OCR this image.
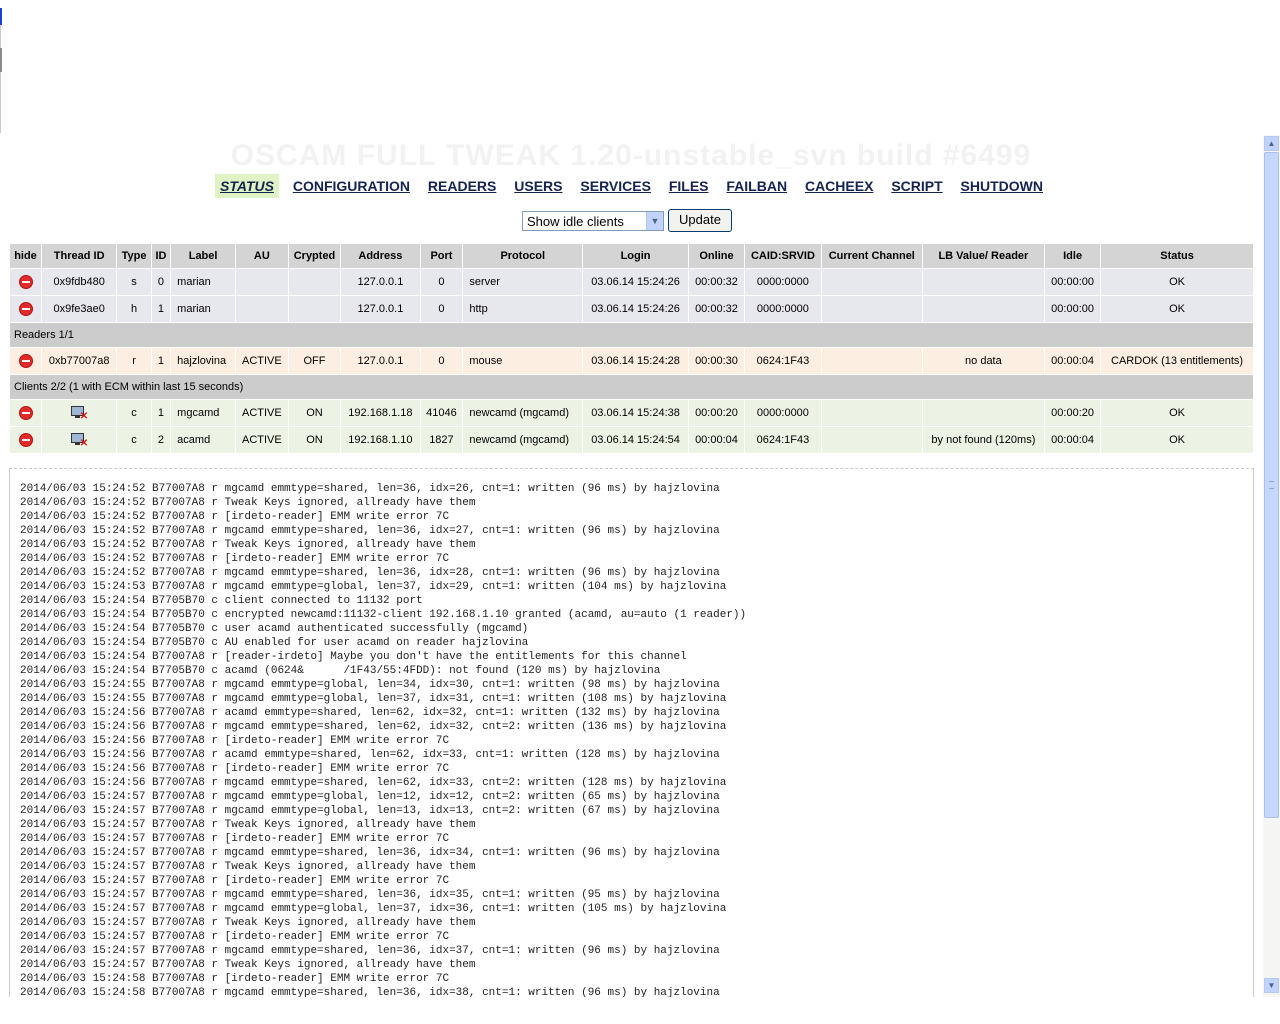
OSCAM FULL TWEAK 1.20-unstable_svn build #6499
STATUS CONFIGURATION READERS USERS SERVICES FILES FAILBAN CACHEEX SCRIPT SHUTDOWN
Show idle clients	▼ Update
hide	Thread ID	Type	ID	Label	AU	Crypted	Address	Port	Protocol	Login	Online	CAID:SRVID	Current Channel	LB Value/ Reader	Idle	Status
	0x9fdb480	s	0	marian			127.0.0.1	0	server	03.06.14 15:24:26	00:00:32	0000:0000			00:00:00	OK
	0x9fe3ae0	h	1	marian			127.0.0.1	0	http	03.06.14 15:24:26	00:00:32	0000:0000			00:00:00	OK
Readers 1/1																
	0xb77007a8	r	1	hajzlovina	ACTIVE	OFF	127.0.0.1	0	mouse	03.06.14 15:24:28	00:00:30	0624:1F43		no data	00:00:04	CARDOK (13 entitlements)
Clients 2/2 (1 with ECM within last 15 seconds)																

	✕	c	1	mgcamd	ACTIVE	ON	192.168.1.18	41046	newcamd (mgcamd)	03.06.14 15:24:38	00:00:20	0000:0000			00:00:20	OK

	✕	c	2	acamd	ACTIVE	ON	192.168.1.10	1827	newcamd (mgcamd)	03.06.14 15:24:54	00:00:04	0624:1F43		by not found (120ms)	00:00:04	OK
2014/06/03 15:24:52 B77007A8 r mgcamd emmtype=shared, len=36, idx=26, cnt=1: written (96 ms) by hajzlovina
2014/06/03 15:24:52 B77007A8 r Tweak Keys ignored, allready have them
2014/06/03 15:24:52 B77007A8 r [irdeto-reader] EMM write error 7C
2014/06/03 15:24:52 B77007A8 r mgcamd emmtype=shared, len=36, idx=27, cnt=1: written (96 ms) by hajzlovina
2014/06/03 15:24:52 B77007A8 r Tweak Keys ignored, allready have them
2014/06/03 15:24:52 B77007A8 r [irdeto-reader] EMM write error 7C
2014/06/03 15:24:52 B77007A8 r mgcamd emmtype=shared, len=36, idx=28, cnt=1: written (96 ms) by hajzlovina
2014/06/03 15:24:53 B77007A8 r mgcamd emmtype=global, len=37, idx=29, cnt=1: written (104 ms) by hajzlovina
2014/06/03 15:24:54 B7705B70 c client connected to 11132 port
2014/06/03 15:24:54 B7705B70 c encrypted newcamd:11132-client 192.168.1.10 granted (acamd, au=auto (1 reader))
2014/06/03 15:24:54 B7705B70 c user acamd authenticated successfully (mgcamd)
2014/06/03 15:24:54 B7705B70 c AU enabled for user acamd on reader hajzlovina
2014/06/03 15:24:54 B77007A8 r [reader-irdeto] Maybe you don't have the entitlements for this channel
2014/06/03 15:24:54 B7705B70 c acamd (0624&      /1F43/55:4FDD): not found (120 ms) by hajzlovina
2014/06/03 15:24:55 B77007A8 r mgcamd emmtype=global, len=34, idx=30, cnt=1: written (98 ms) by hajzlovina
2014/06/03 15:24:55 B77007A8 r mgcamd emmtype=global, len=37, idx=31, cnt=1: written (108 ms) by hajzlovina
2014/06/03 15:24:56 B77007A8 r acamd emmtype=shared, len=62, idx=32, cnt=1: written (132 ms) by hajzlovina
2014/06/03 15:24:56 B77007A8 r mgcamd emmtype=shared, len=62, idx=32, cnt=2: written (136 ms) by hajzlovina
2014/06/03 15:24:56 B77007A8 r [irdeto-reader] EMM write error 7C
2014/06/03 15:24:56 B77007A8 r acamd emmtype=shared, len=62, idx=33, cnt=1: written (128 ms) by hajzlovina
2014/06/03 15:24:56 B77007A8 r [irdeto-reader] EMM write error 7C
2014/06/03 15:24:56 B77007A8 r mgcamd emmtype=shared, len=62, idx=33, cnt=2: written (128 ms) by hajzlovina
2014/06/03 15:24:57 B77007A8 r mgcamd emmtype=global, len=12, idx=12, cnt=2: written (65 ms) by hajzlovina
2014/06/03 15:24:57 B77007A8 r mgcamd emmtype=global, len=13, idx=13, cnt=2: written (67 ms) by hajzlovina
2014/06/03 15:24:57 B77007A8 r Tweak Keys ignored, allready have them
2014/06/03 15:24:57 B77007A8 r [irdeto-reader] EMM write error 7C
2014/06/03 15:24:57 B77007A8 r mgcamd emmtype=shared, len=36, idx=34, cnt=1: written (96 ms) by hajzlovina
2014/06/03 15:24:57 B77007A8 r Tweak Keys ignored, allready have them
2014/06/03 15:24:57 B77007A8 r [irdeto-reader] EMM write error 7C
2014/06/03 15:24:57 B77007A8 r mgcamd emmtype=shared, len=36, idx=35, cnt=1: written (95 ms) by hajzlovina
2014/06/03 15:24:57 B77007A8 r mgcamd emmtype=global, len=37, idx=36, cnt=1: written (105 ms) by hajzlovina
2014/06/03 15:24:57 B77007A8 r Tweak Keys ignored, allready have them
2014/06/03 15:24:57 B77007A8 r [irdeto-reader] EMM write error 7C
2014/06/03 15:24:57 B77007A8 r mgcamd emmtype=shared, len=36, idx=37, cnt=1: written (96 ms) by hajzlovina
2014/06/03 15:24:57 B77007A8 r Tweak Keys ignored, allready have them
2014/06/03 15:24:58 B77007A8 r [irdeto-reader] EMM write error 7C
2014/06/03 15:24:58 B77007A8 r mgcamd emmtype=shared, len=36, idx=38, cnt=1: written (96 ms) by hajzlovina
▲
▼
